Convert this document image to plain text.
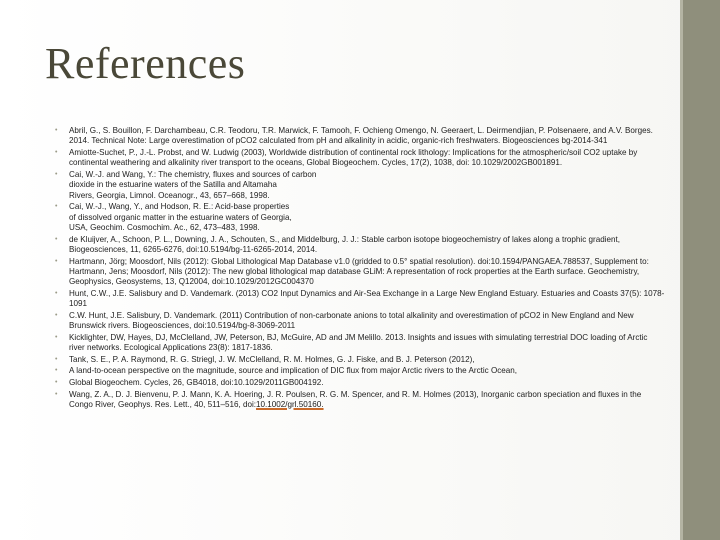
References
• Abril, G., S. Bouillon, F. Darchambeau, C.R. Teodoru, T.R. Marwick, F. Tamooh, F. Ochieng Omengo, N. Geeraert, L. Deirmendjian, P. Polsenaere, and A.V. Borges. 2014. Technical Note: Large overestimation of pCO2 calculated from pH and alkalinity in acidic, organic-rich freshwaters. Biogeosciences bg-2014-341
• Amiotte-Suchet, P., J.-L. Probst, and W. Ludwig (2003), Worldwide distribution of continental rock lithology: Implications for the atmospheric/soil CO2 uptake by continental weathering and alkalinity river transport to the oceans, Global Biogeochem. Cycles, 17(2), 1038, doi: 10.1029/2002GB001891.
• Cai, W.-J. and Wang, Y.: The chemistry, fluxes and sources of carbon
dioxide in the estuarine waters of the Satilla and Altamaha
Rivers, Georgia, Limnol. Oceanogr., 43, 657–668, 1998.
• Cai, W.-J., Wang, Y., and Hodson, R. E.: Acid-base properties
of dissolved organic matter in the estuarine waters of Georgia,
USA, Geochim. Cosmochim. Ac., 62, 473–483, 1998.
• de Kluijver, A., Schoon, P. L., Downing, J. A., Schouten, S., and Middelburg, J. J.: Stable carbon isotope biogeochemistry of lakes along a trophic gradient, Biogeosciences, 11, 6265-6276, doi:10.5194/bg-11-6265-2014, 2014.
• Hartmann, Jörg; Moosdorf, Nils (2012): Global Lithological Map Database v1.0 (gridded to 0.5° spatial resolution). doi:10.1594/PANGAEA.788537, Supplement to: Hartmann, Jens; Moosdorf, Nils (2012): The new global lithological map database GLiM: A representation of rock properties at the Earth surface. Geochemistry, Geophysics, Geosystems, 13, Q12004, doi:10.1029/2012GC004370
• Hunt, C.W., J.E. Salisbury and D. Vandemark. (2013) CO2 Input Dynamics and Air-Sea Exchange in a Large New England Estuary. Estuaries and Coasts 37(5): 1078-1091
• C.W. Hunt, J.E. Salisbury, D. Vandemark. (2011) Contribution of non-carbonate anions to total alkalinity and overestimation of pCO2 in New England and New Brunswick rivers. Biogeosciences, doi:10.5194/bg-8-3069-2011
• Kicklighter, DW, Hayes, DJ, McClelland, JW, Peterson, BJ, McGuire, AD and JM Melillo. 2013. Insights and issues with simulating terrestrial DOC loading of Arctic river networks. Ecological Applications 23(8): 1817-1836.
• Tank, S. E., P. A. Raymond, R. G. Striegl, J. W. McClelland, R. M. Holmes, G. J. Fiske, and B. J. Peterson (2012),
• A land-to-ocean perspective on the magnitude, source and implication of DIC flux from major Arctic rivers to the Arctic Ocean,
• Global Biogeochem. Cycles, 26, GB4018, doi:10.1029/2011GB004192.
• Wang, Z. A., D. J. Bienvenu, P. J. Mann, K. A. Hoering, J. R. Poulsen, R. G. M. Spencer, and R. M. Holmes (2013), Inorganic carbon speciation and fluxes in the Congo River, Geophys. Res. Lett., 40, 511–516, doi:10.1002/grl.50160.
